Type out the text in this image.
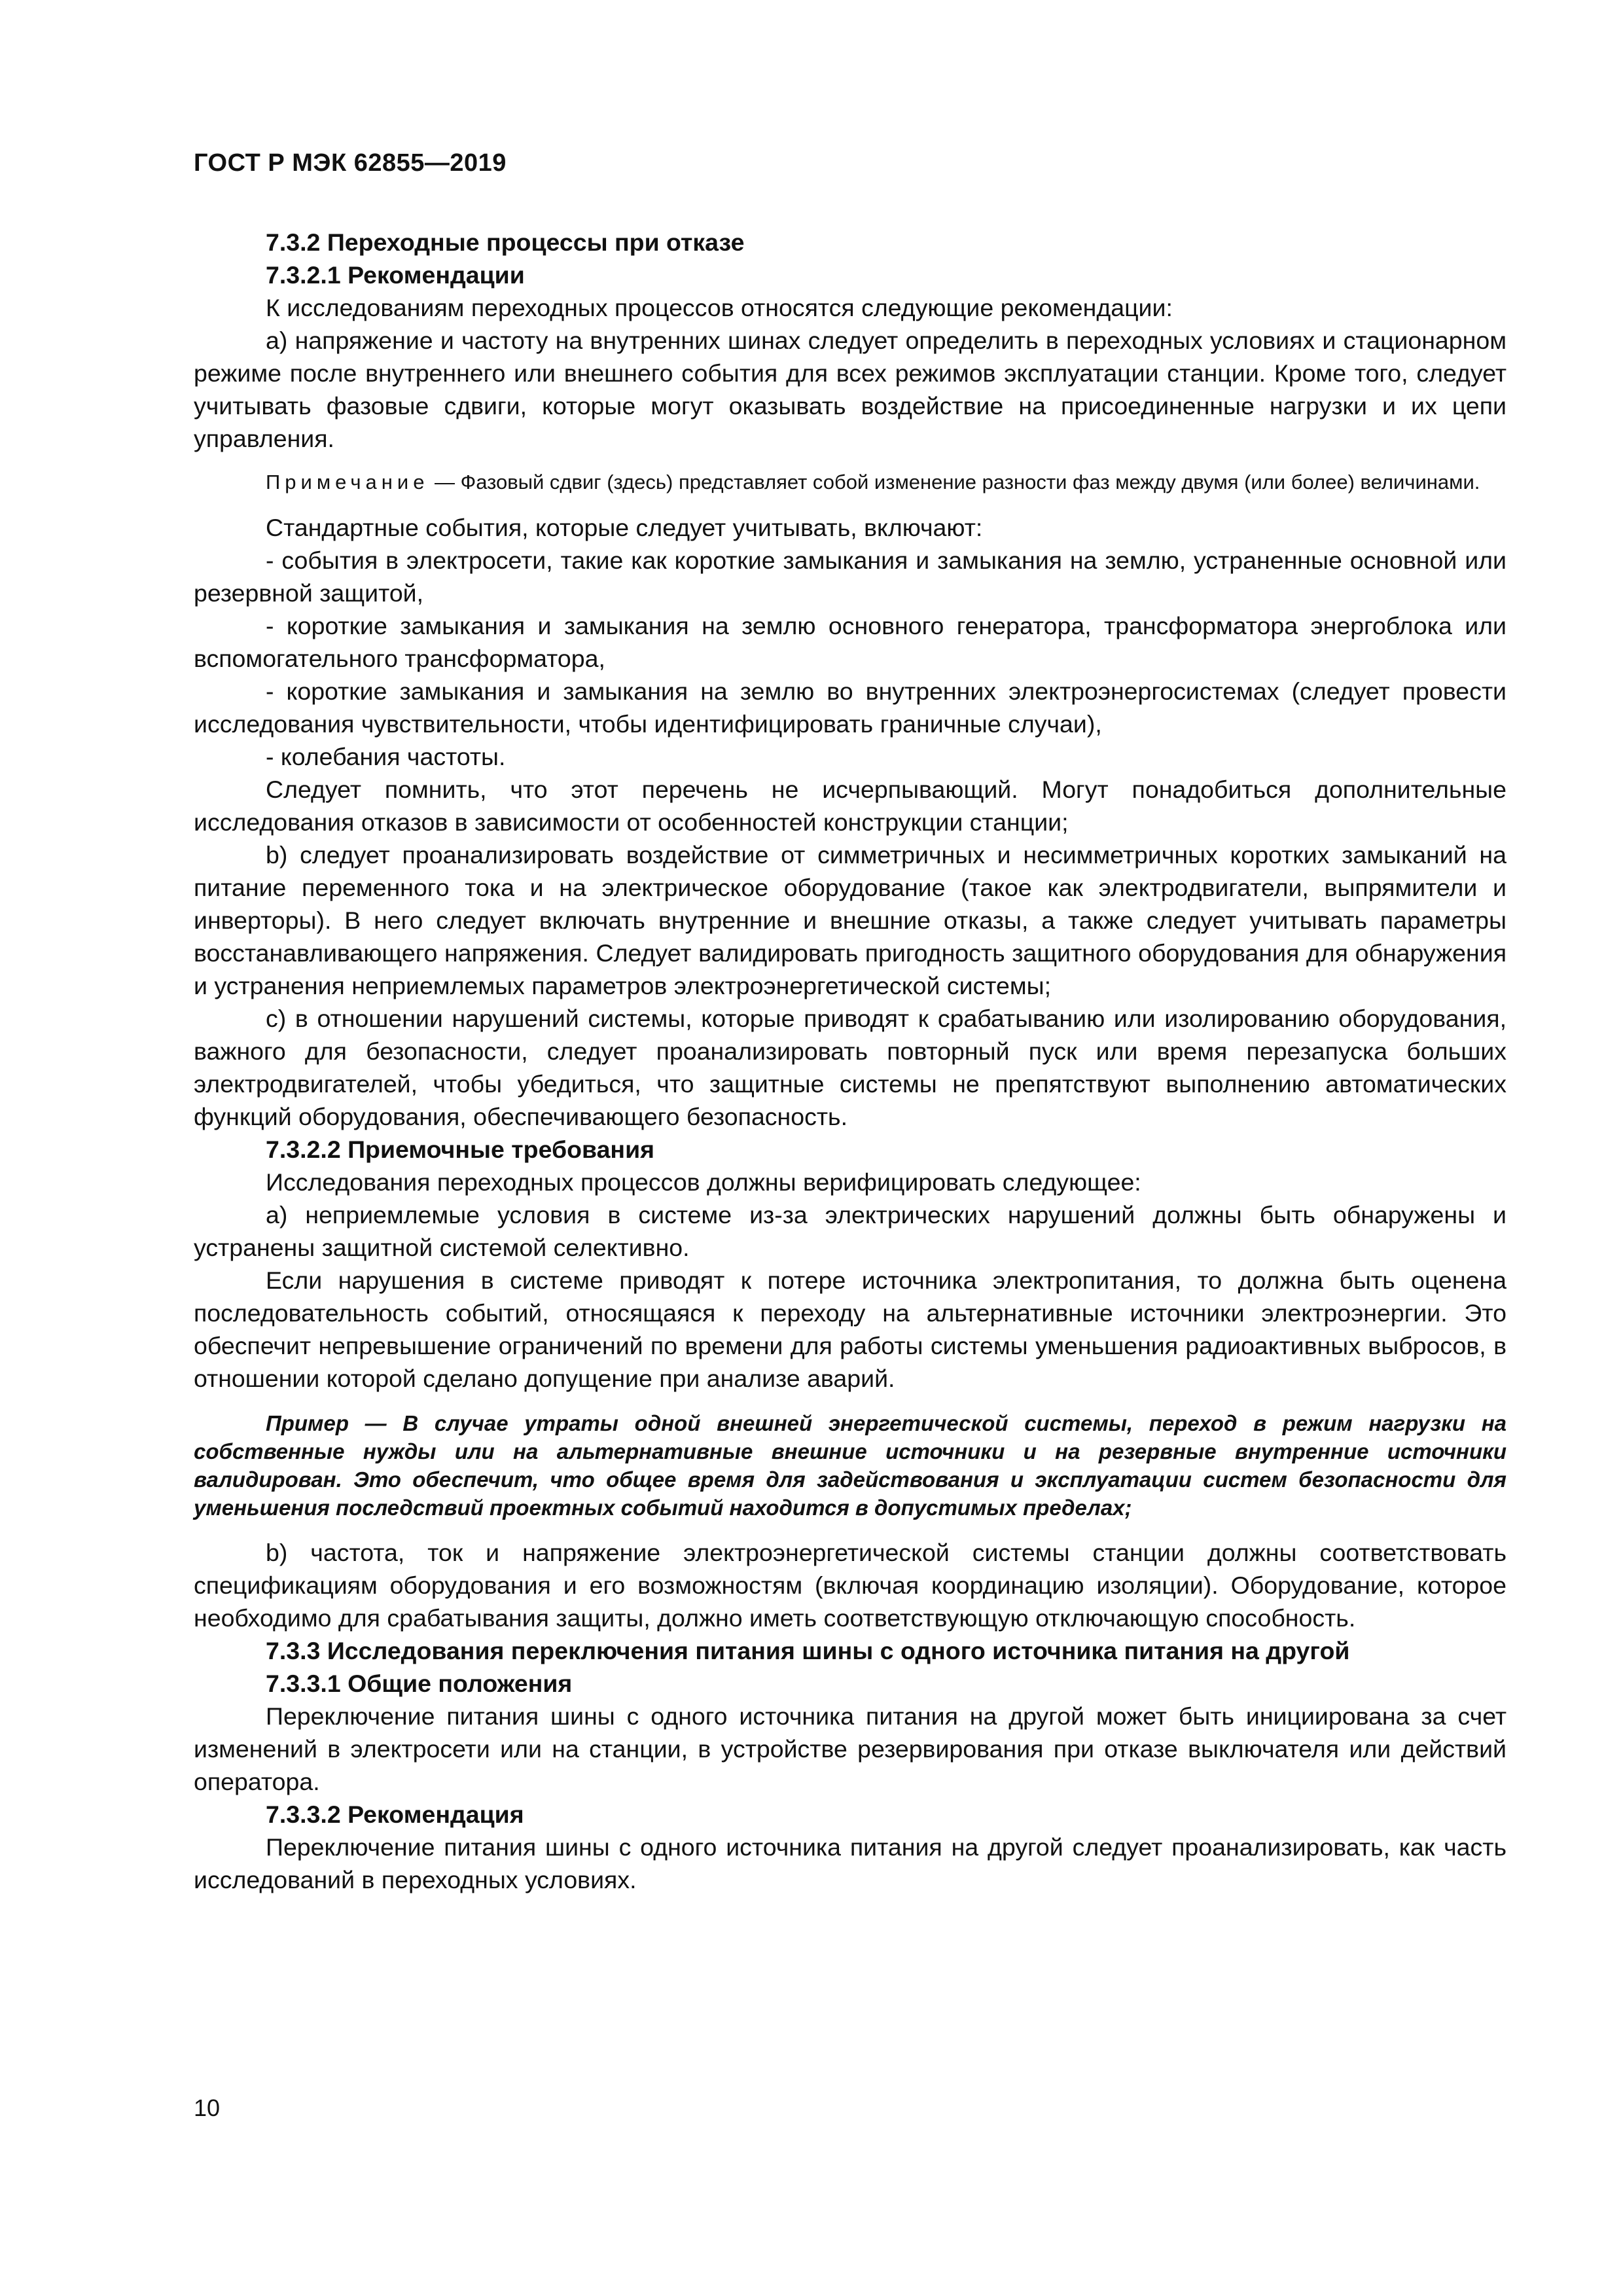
ГОСТ Р МЭК 62855—2019

7.3.2 Переходные процессы при отказе

7.3.2.1 Рекомендации

К исследованиям переходных процессов относятся следующие рекомендации:

a) напряжение и частоту на внутренних шинах следует определить в переходных условиях и стационарном режиме после внутреннего или внешнего события для всех режимов эксплуатации станции. Кроме того, следует учитывать фазовые сдвиги, которые могут оказывать воздействие на присоединенные нагрузки и их цепи управления.

Примечание — Фазовый сдвиг (здесь) представляет собой изменение разности фаз между двумя (или более) величинами.

Стандартные события, которые следует учитывать, включают:

- события в электросети, такие как короткие замыкания и замыкания на землю, устраненные основной или резервной защитой,

- короткие замыкания и замыкания на землю основного генератора, трансформатора энергоблока или вспомогательного трансформатора,

- короткие замыкания и замыкания на землю во внутренних электроэнергосистемах (следует провести исследования чувствительности, чтобы идентифицировать граничные случаи),

- колебания частоты.

Следует помнить, что этот перечень не исчерпывающий. Могут понадобиться дополнительные исследования отказов в зависимости от особенностей конструкции станции;

b) следует проанализировать воздействие от симметричных и несимметричных коротких замыканий на питание переменного тока и на электрическое оборудование (такое как электродвигатели, выпрямители и инверторы). В него следует включать внутренние и внешние отказы, а также следует учитывать параметры восстанавливающего напряжения. Следует валидировать пригодность защитного оборудования для обнаружения и устранения неприемлемых параметров электроэнергетической системы;

c) в отношении нарушений системы, которые приводят к срабатыванию или изолированию оборудования, важного для безопасности, следует проанализировать повторный пуск или время перезапуска больших электродвигателей, чтобы убедиться, что защитные системы не препятствуют выполнению автоматических функций оборудования, обеспечивающего безопасность.

7.3.2.2 Приемочные требования

Исследования переходных процессов должны верифицировать следующее:

a) неприемлемые условия в системе из-за электрических нарушений должны быть обнаружены и устранены защитной системой селективно.

Если нарушения в системе приводят к потере источника электропитания, то должна быть оценена последовательность событий, относящаяся к переходу на альтернативные источники электроэнергии. Это обеспечит непревышение ограничений по времени для работы системы уменьшения радиоактивных выбросов, в отношении которой сделано допущение при анализе аварий.

Пример — В случае утраты одной внешней энергетической системы, переход в режим нагрузки на собственные нужды или на альтернативные внешние источники и на резервные внутренние источники валидирован. Это обеспечит, что общее время для задействования и эксплуатации систем безопасности для уменьшения последствий проектных событий находится в допустимых пределах;

b) частота, ток и напряжение электроэнергетической системы станции должны соответствовать спецификациям оборудования и его возможностям (включая координацию изоляции). Оборудование, которое необходимо для срабатывания защиты, должно иметь соответствующую отключающую способность.

7.3.3 Исследования переключения питания шины с одного источника питания на другой

7.3.3.1 Общие положения

Переключение питания шины с одного источника питания на другой может быть инициирована за счет изменений в электросети или на станции, в устройстве резервирования при отказе выключателя или действий оператора.

7.3.3.2 Рекомендация

Переключение питания шины с одного источника питания на другой следует проанализировать, как часть исследований в переходных условиях.

10
